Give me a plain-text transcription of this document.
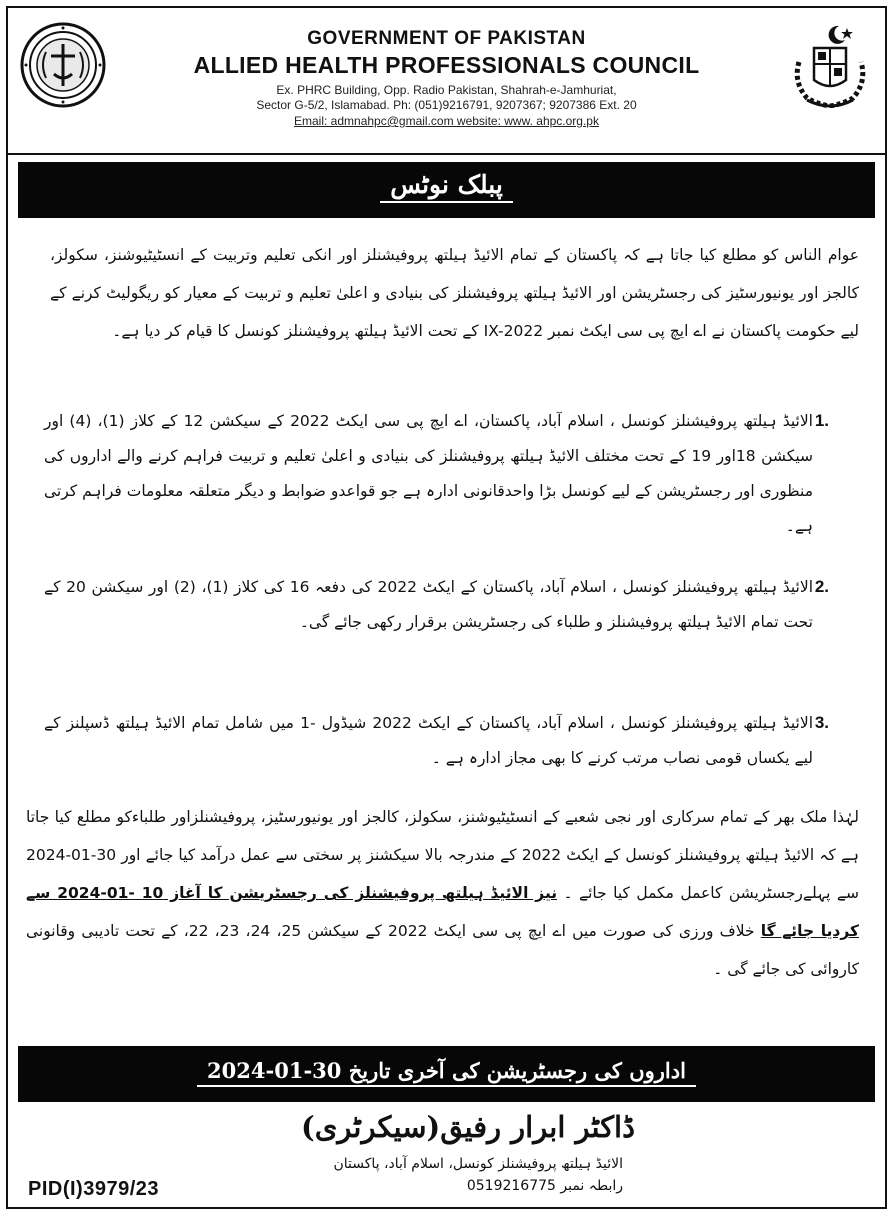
GOVERNMENT OF PAKISTAN
ALLIED HEALTH PROFESSIONALS COUNCIL
Ex. PHRC Building, Opp. Radio Pakistan, Shahrah-e-Jamhuriat,
Sector G-5/2, Islamabad. Ph: (051)9216791, 9207367; 9207386 Ext. 20
Email: admnahpc@gmail.com website: www. ahpc.org.pk
پبلک نوٹس
عوام الناس کو مطلع کیا جاتا ہے کہ پاکستان کے تمام الائیڈ ہیلتھ پروفیشنلز اور انکی تعلیم وتربیت کے انسٹیٹیوشنز، سکولز، کالجز اور یونیورسٹیز کی رجسٹریشن اور الائیڈ ہیلتھ پروفیشنلز کی بنیادی و اعلیٰ تعلیم و تربیت کے معیار کو ریگولیٹ کرنے کے لیے حکومت پاکستان نے اے ایچ پی سی ایکٹ نمبر IX-2022 کے تحت الائیڈ ہیلتھ پروفیشنلز کونسل کا قیام کر دیا ہے۔
1.
الائیڈ ہیلتھ پروفیشنلز کونسل ، اسلام آباد، پاکستان، اے ایچ پی سی ایکٹ 2022 کے سیکشن 12 کے کلاز (1)، (4) اور سیکشن 18اور 19 کے تحت مختلف الائیڈ ہیلتھ پروفیشنلز کی بنیادی و اعلیٰ تعلیم و تربیت فراہم کرنے والے اداروں کی منظوری اور رجسٹریشن کے لیے کونسل بڑا واحدقانونی ادارہ ہے جو قواعدو ضوابط و دیگر متعلقہ معلومات فراہم کرتی ہے۔
2.
الائیڈ ہیلتھ پروفیشنلز کونسل ، اسلام آباد، پاکستان کے ایکٹ 2022 کی دفعہ 16 کی کلاز (1)، (2) اور سیکشن 20 کے تحت تمام الائیڈ ہیلتھ پروفیشنلز و طلباء کی رجسٹریشن برقرار رکھی جائے گی۔
3.
الائیڈ ہیلتھ پروفیشنلز کونسل ، اسلام آباد، پاکستان کے ایکٹ 2022 شیڈول -1 میں شامل تمام الائیڈ ہیلتھ ڈسپلنز کے لیے یکساں قومی نصاب مرتب کرنے کا بھی مجاز ادارہ ہے ۔
لہٰذا ملک بھر کے تمام سرکاری اور نجی شعبے کے انسٹیٹیوشنز، سکولز، کالجز اور یونیورسٹیز، پروفیشنلزاور طلباءکو مطلع کیا جاتا ہے کہ الائیڈ ہیلتھ پروفیشنلز کونسل کے ایکٹ 2022 کے مندرجہ بالا سیکشنز پر سختی سے عمل درآمد کیا جائے اور 30-01-2024 سے پہلےرجسٹریشن کاعمل مکمل کیا جائے ۔ نیز الائیڈ ہیلتھ پروفیشنلز کی رجسٹریشن کا آغاز 10 -01-2024 سے کردیا جائے گا خلاف ورزی کی صورت میں اے ایچ پی سی ایکٹ 2022 کے سیکشن 25، 24، 23، 22، کے تحت تادیبی وقانونی کاروائی کی جائے گی ۔
اداروں کی رجسٹریشن کی آخری تاریخ 30-01-2024
ڈاکٹر ابرار رفیق(سیکرٹری)
الائیڈ ہیلتھ پروفیشنلز کونسل، اسلام آباد، پاکستان
رابطہ نمبر 0519216775
PID(I)3979/23
